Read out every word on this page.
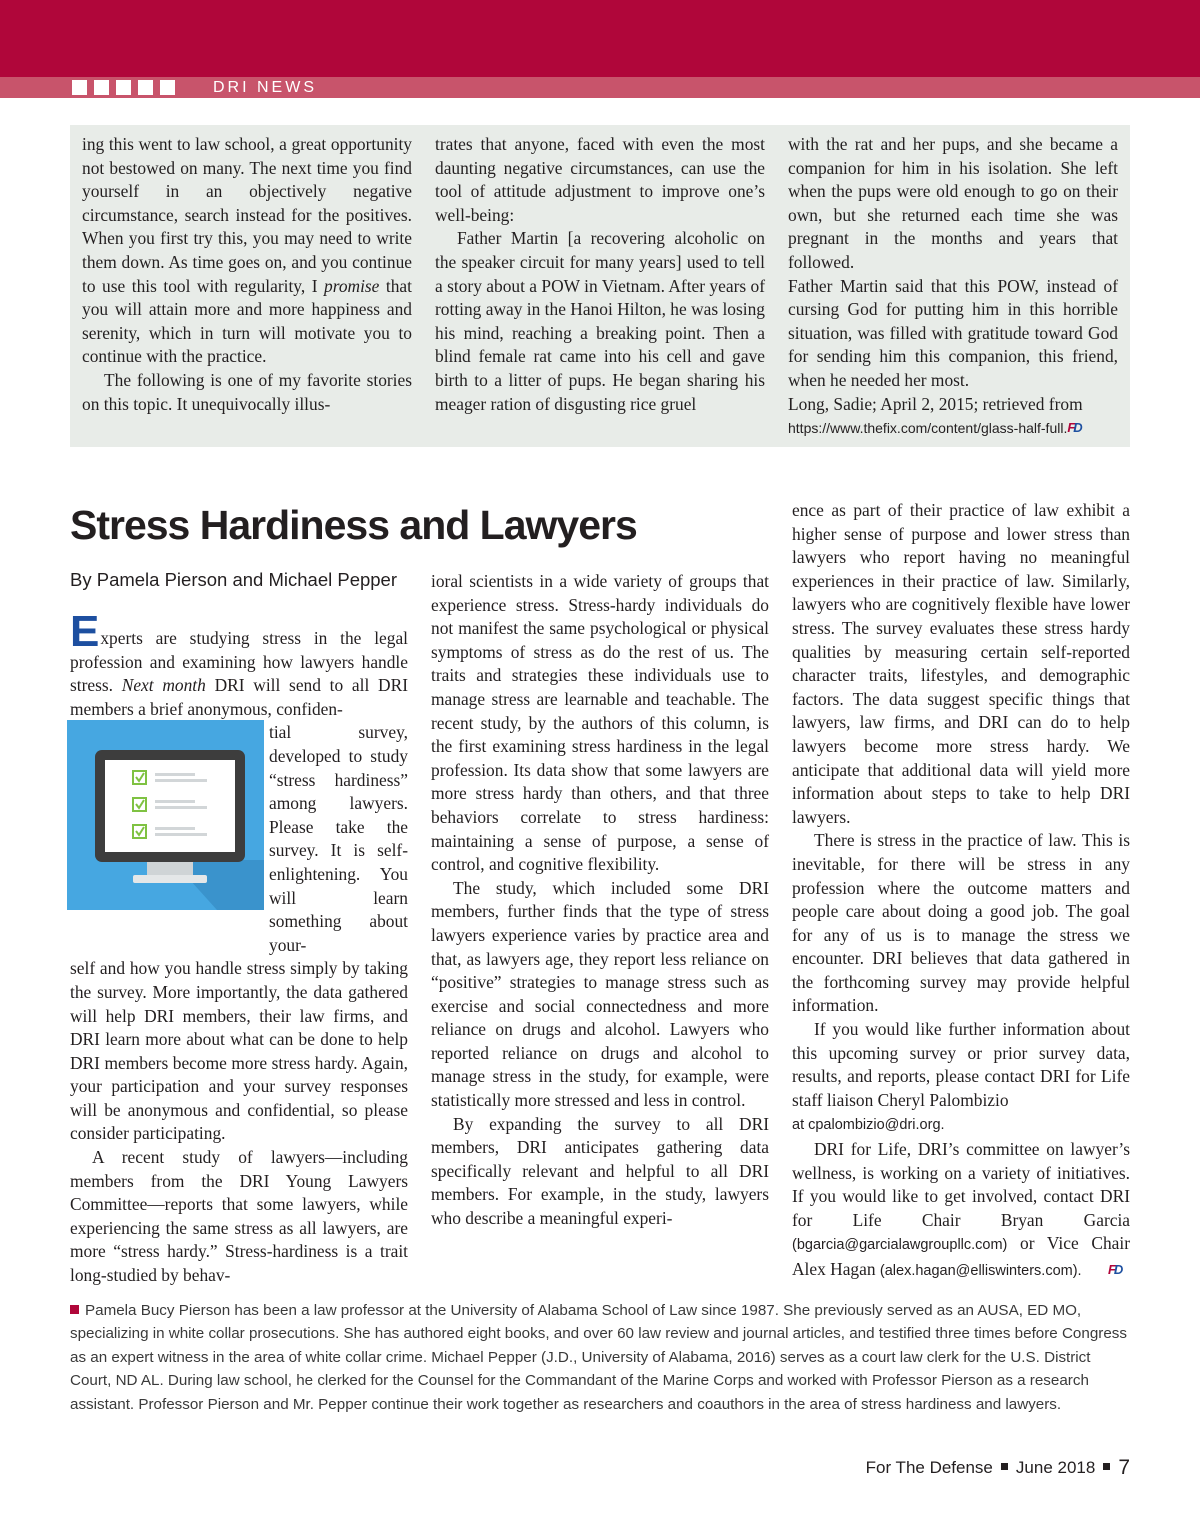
DRI NEWS

ing this went to law school, a great opportunity not bestowed on many. The next time you find yourself in an objectively negative circumstance, search instead for the positives. When you first try this, you may need to write them down. As time goes on, and you continue to use this tool with regularity, I promise that you will attain more and more happiness and serenity, which in turn will motivate you to continue with the practice.

The following is one of my favorite stories on this topic. It unequivocally illus-

trates that anyone, faced with even the most daunting negative circumstances, can use the tool of attitude adjustment to improve one’s well-being:

Father Martin [a recovering alcoholic on the speaker circuit for many years] used to tell a story about a POW in Vietnam. After years of rotting away in the Hanoi Hilton, he was losing his mind, reaching a breaking point. Then a blind female rat came into his cell and gave birth to a litter of pups. He began sharing his meager ration of disgusting rice gruel

with the rat and her pups, and she became a companion for him in his isolation. She left when the pups were old enough to go on their own, but she returned each time she was pregnant in the months and years that followed.

Father Martin said that this POW, instead of cursing God for putting him in this horrible situation, was filled with gratitude toward God for sending him this companion, this friend, when he needed her most.

Long, Sadie; April 2, 2015; retrieved from
https://www.thefix.com/content/glass-half-full.FD

Stress Hardiness and Lawyers
By Pamela Pierson and Michael Pepper

Experts are studying stress in the legal profession and examining how lawyers handle stress. Next month DRI will send to all DRI members a brief anonymous, confiden-

tial survey, developed to study “stress hardiness” among lawyers. Please take the survey. It is self-enlightening. You will learn something about your-

self and how you handle stress simply by taking the survey. More importantly, the data gathered will help DRI members, their law firms, and DRI learn more about what can be done to help DRI members become more stress hardy. Again, your participation and your survey responses will be anonymous and confidential, so please consider participating.

A recent study of lawyers—including members from the DRI Young Lawyers Committee—reports that some lawyers, while experiencing the same stress as all lawyers, are more “stress hardy.” Stress-hardiness is a trait long-studied by behav-

ioral scientists in a wide variety of groups that experience stress. Stress-hardy individuals do not manifest the same psychological or physical symptoms of stress as do the rest of us. The traits and strategies these individuals use to manage stress are learnable and teachable. The recent study, by the authors of this column, is the first examining stress hardiness in the legal profession. Its data show that some lawyers are more stress hardy than others, and that three behaviors correlate to stress hardiness: maintaining a sense of purpose, a sense of control, and cognitive flexibility.

The study, which included some DRI members, further finds that the type of stress lawyers experience varies by practice area and that, as lawyers age, they report less reliance on “positive” strategies to manage stress such as exercise and social connectedness and more reliance on drugs and alcohol. Lawyers who reported reliance on drugs and alcohol to manage stress in the study, for example, were statistically more stressed and less in control.

By expanding the survey to all DRI members, DRI anticipates gathering data specifically relevant and helpful to all DRI members. For example, in the study, lawyers who describe a meaningful experi-

ence as part of their practice of law exhibit a higher sense of purpose and lower stress than lawyers who report having no meaningful experiences in their practice of law. Similarly, lawyers who are cognitively flexible have lower stress. The survey evaluates these stress hardy qualities by measuring certain self-reported character traits, lifestyles, and demographic factors. The data suggest specific things that lawyers, law firms, and DRI can do to help lawyers become more stress hardy. We anticipate that additional data will yield more information about steps to take to help DRI lawyers.

There is stress in the practice of law. This is inevitable, for there will be stress in any profession where the outcome matters and people care about doing a good job. The goal for any of us is to manage the stress we encounter. DRI believes that data gathered in the forthcoming survey may provide helpful information.

If you would like further information about this upcoming survey or prior survey data, results, and reports, please contact DRI for Life staff liaison Cheryl Palombizio
at cpalombizio@dri.org.

DRI for Life, DRI’s committee on lawyer’s wellness, is working on a variety of initiatives. If you would like to get involved, contact DRI for Life Chair Bryan Garcia (bgarcia@garcialawgroupllc.com) or Vice Chair Alex Hagan (alex.hagan@elliswinters.com). FD

Pamela Bucy Pierson has been a law professor at the University of Alabama School of Law since 1987. She previously served as an AUSA, ED MO, specializing in white collar prosecutions. She has authored eight books, and over 60 law review and journal articles, and testified three times before Congress as an expert witness in the area of white collar crime. Michael Pepper (J.D., University of Alabama, 2016) serves as a court law clerk for the U.S. District Court, ND AL. During law school, he clerked for the Counsel for the Commandant of the Marine Corps and worked with Professor Pierson as a research assistant. Professor Pierson and Mr. Pepper continue their work together as researchers and coauthors in the area of stress hardiness and lawyers.
For The Defense June 2018 7
